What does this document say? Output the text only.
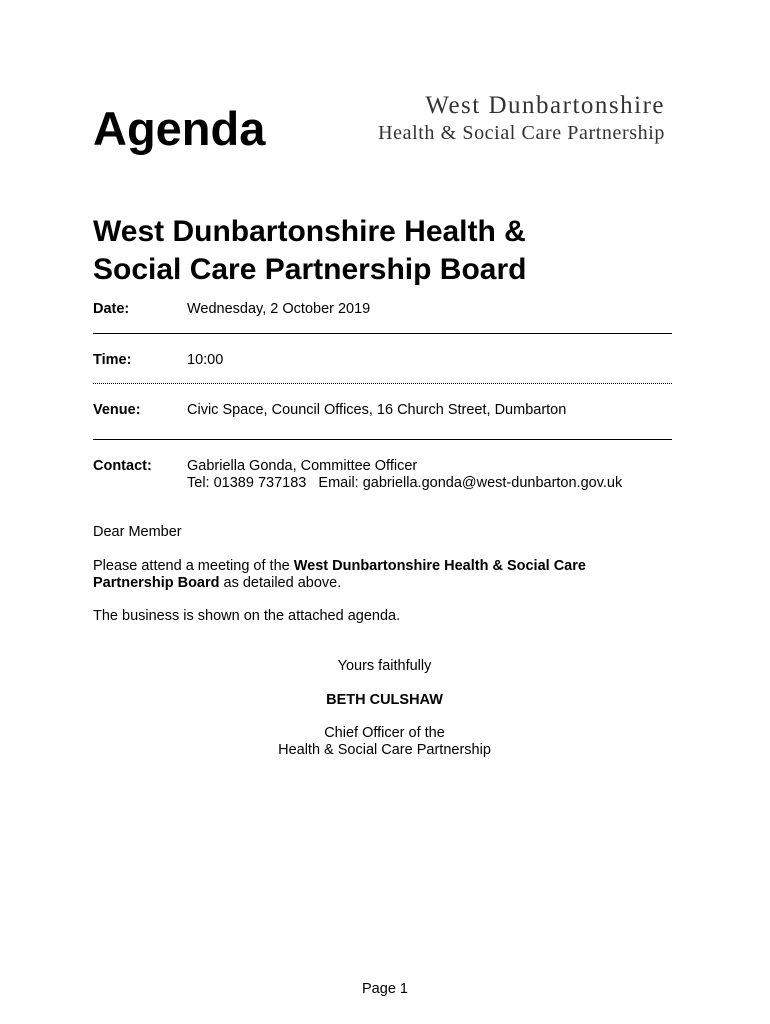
Agenda	West Dunbartonshire
Health & Social Care Partnership
West Dunbartonshire Health &
Social Care Partnership Board
Date:	Wednesday, 2 October 2019
Time:	10:00
Venue:	Civic Space, Council Offices, 16 Church Street, Dumbarton
Contact: Gabriella Gonda, Committee Officer
Tel: 01389 737183   Email: gabriella.gonda@west-dunbarton.gov.uk
Dear Member
Please attend a meeting of the West Dunbartonshire Health & Social Care Partnership Board as detailed above.
The business is shown on the attached agenda.
Yours faithfully
BETH CULSHAW
Chief Officer of the
Health & Social Care Partnership
Page 1
